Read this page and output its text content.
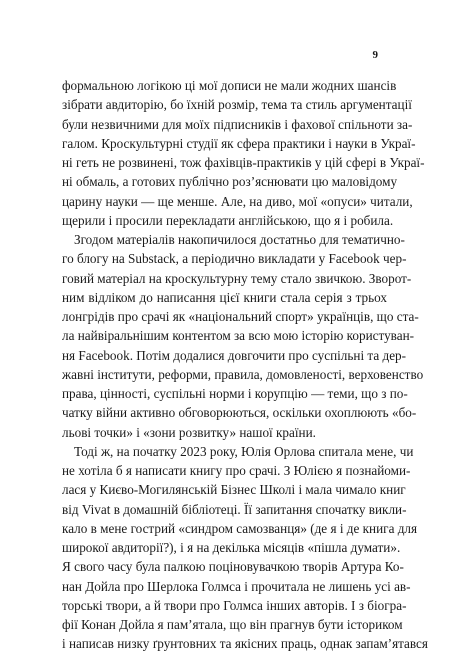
9
формальною логікою ці мої дописи не мали жодних шансів
зібрати авдиторію, бо їхній розмір, тема та стиль аргументації
були незвичними для моїх підписників і фахової спільноти за-
галом. Кроскультурні студії як сфера практики і науки в Украї-
ні геть не розвинені, тож фахівців-практиків у цій сфері в Украї-
ні обмаль, а готових публічно роз’яснювати цю маловідому
царину науки — ще менше. Але, на диво, мої «опуси» читали,
щерили і просили перекладати англійською, що я і робила.
Згодом матеріалів накопичилося достатньо для тематично-
го блогу на Substack, а періодично викладати у Facebook чер-
говий матеріал на кроскультурну тему стало звичкою. Зворот-
ним відліком до написання цієї книги стала серія з трьох
лонгрідів про срачі як «національний спорт» українців, що ста-
ла найвіральнішим контентом за всю мою історію користуван-
ня Facebook. Потім додалися довгочити про суспільні та дер-
жавні інститути, реформи, правила, домовленості, верховенство
права, цінності, суспільні норми і корупцію — теми, що з по-
чатку війни активно обговорюються, оскільки охоплюють «бо-
льові точки» і «зони розвитку» нашої країни.
Тоді ж, на початку 2023 року, Юлія Орлова спитала мене, чи
не хотіла б я написати книгу про срачі. З Юлією я познайоми-
лася у Києво-Могилянській Бізнес Школі і мала чимало книг
від Vivat в домашній бібліотеці. Її запитання спочатку викли-
кало в мене гострий «синдром самозванця» (де я і де книга для
широкої авдиторії?), і я на декілька місяців «пішла думати».
Я свого часу була палкою поціновувачкою творів Артура Ко-
нан Дойла про Шерлока Голмса і прочитала не лишень усі ав-
торські твори, а й твори про Голмса інших авторів. І з біогра-
фії Конан Дойла я пам’ятала, що він прагнув бути істориком
і написав низку ґрунтовних та якісних праць, однак запам’ятався
